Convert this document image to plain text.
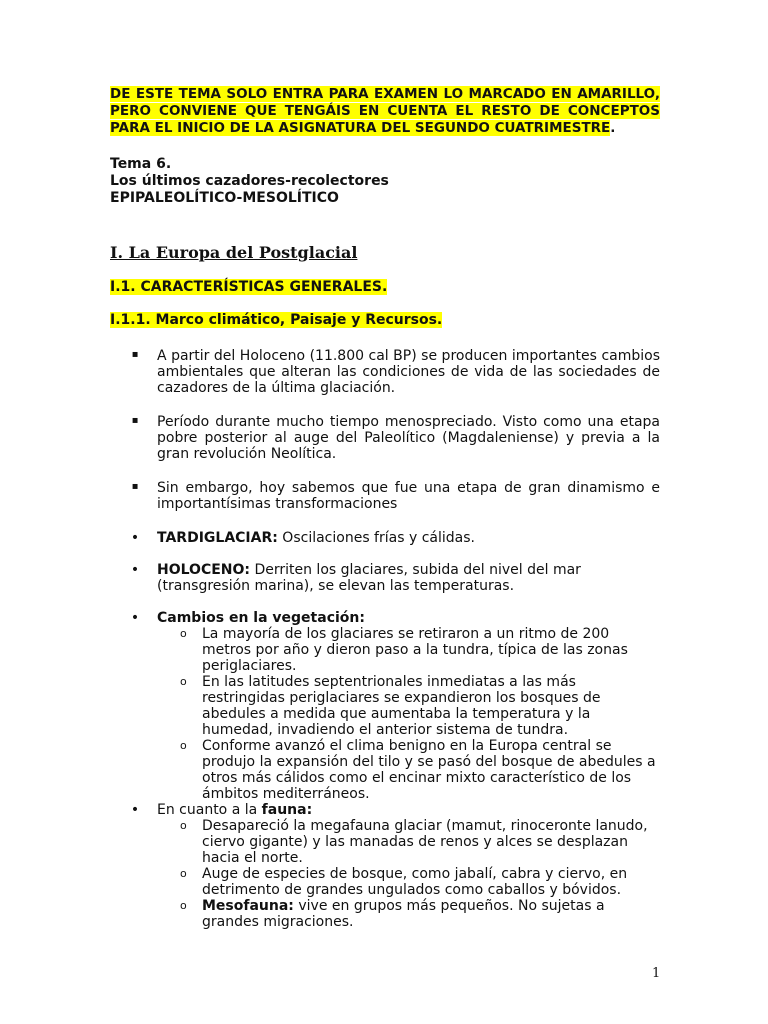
DE ESTE TEMA SOLO ENTRA PARA EXAMEN LO MARCADO EN AMARILLO, PERO CONVIENE QUE TENGÁIS EN CUENTA EL RESTO DE CONCEPTOS PARA EL INICIO DE LA ASIGNATURA DEL SEGUNDO CUATRIMESTRE.

Tema 6.
Los últimos cazadores-recolectores
EPIPALEOLÍTICO-MESOLÍTICO
I. La Europa del Postglacial
I.1. CARACTERÍSTICAS GENERALES.
I.1.1. Marco climático, Paisaje y Recursos.
▪ A partir del Holoceno (11.800 cal BP) se producen importantes cambios ambientales que alteran las condiciones de vida de las sociedades de cazadores de la última glaciación.
▪ Período durante mucho tiempo menospreciado. Visto como una etapa pobre posterior al auge del Paleolítico (Magdaleniense) y previa a la gran revolución Neolítica.
▪ Sin embargo, hoy sabemos que fue una etapa de gran dinamismo e importantísimas transformaciones
• TARDIGLACIAR: Oscilaciones frías y cálidas.
• HOLOCENO: Derriten los glaciares, subida del nivel del mar (transgresión marina), se elevan las temperaturas.
• Cambios en la vegetación:
o La mayoría de los glaciares se retiraron a un ritmo de 200 metros por año y dieron paso a la tundra, típica de las zonas periglaciares.
o En las latitudes septentrionales inmediatas a las más restringidas periglaciares se expandieron los bosques de abedules a medida que aumentaba la temperatura y la humedad, invadiendo el anterior sistema de tundra.
o Conforme avanzó el clima benigno en la Europa central se produjo la expansión del tilo y se pasó del bosque de abedules a otros más cálidos como el encinar mixto característico de los ámbitos mediterráneos.
• En cuanto a la fauna:
o Desapareció la megafauna glaciar (mamut, rinoceronte lanudo, ciervo gigante) y las manadas de renos y alces se desplazan hacia el norte.
o Auge de especies de bosque, como jabalí, cabra y ciervo, en detrimento de grandes ungulados como caballos y bóvidos.
o Mesofauna: vive en grupos más pequeños. No sujetas a grandes migraciones.
1
